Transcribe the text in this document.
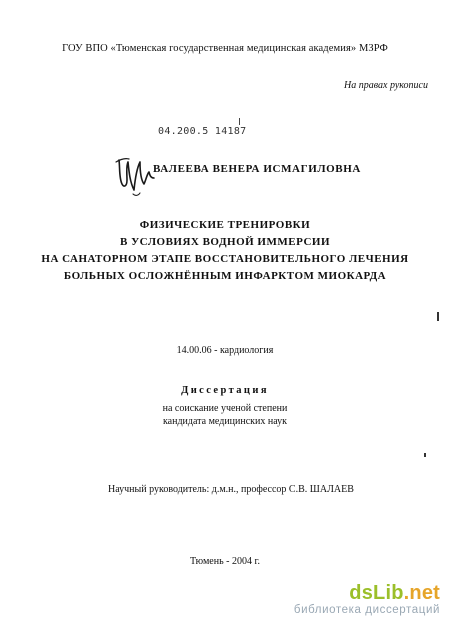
ГОУ ВПО «Тюменская государственная медицинская академия» МЗРФ
На правах рукописи
04.200.5 14187
ВАЛЕЕВА ВЕНЕРА ИСМАГИЛОВНА
ФИЗИЧЕСКИЕ ТРЕНИРОВКИ
В УСЛОВИЯХ ВОДНОЙ ИММЕРСИИ
НА САНАТОРНОМ ЭТАПЕ ВОССТАНОВИТЕЛЬНОГО ЛЕЧЕНИЯ
БОЛЬНЫХ ОСЛОЖНЁННЫМ ИНФАРКТОМ МИОКАРДА
14.00.06 - кардиология
Диссертация
на соискание ученой степени
кандидата медицинских наук
Научный руководитель: д.м.н., профессор С.В. ШАЛАЕВ
Тюмень - 2004 г.
dsLib.net
библиотека диссертаций
